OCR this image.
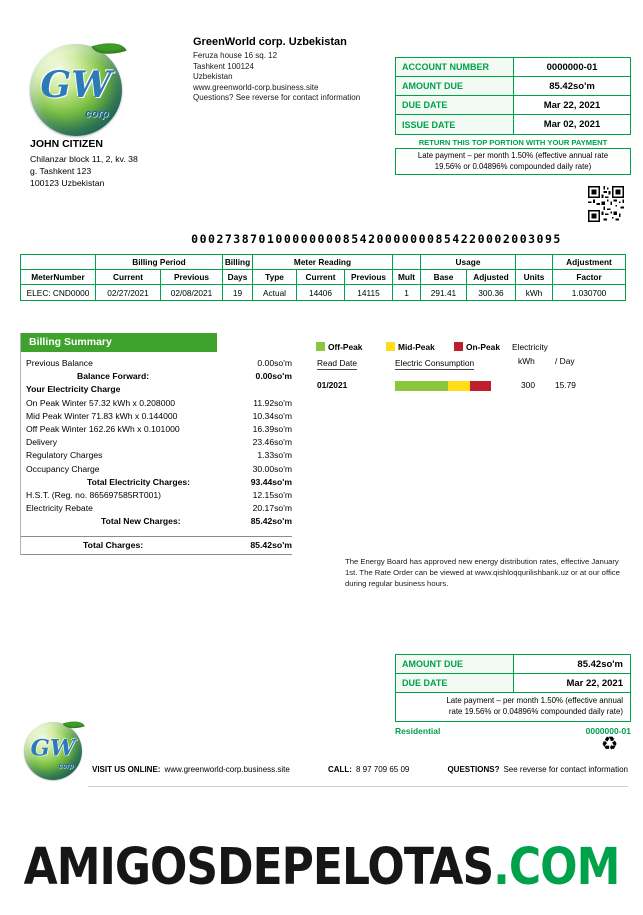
GW
corp
GreenWorld corp. Uzbekistan
Feruza house 16 sq. 12
Tashkent 100124
Uzbekistan
www.greenworld-corp.business.site
Questions? See reverse for contact information
JOHN CITIZEN
Chilanzar block 11, 2, kv. 38
g. Tashkent 123
100123 Uzbekistan
ACCOUNT NUMBER	0000000-01
AMOUNT DUE	85.42so'm
DUE DATE	Mar 22, 2021
ISSUE DATE	Mar 02, 2021
RETURN THIS TOP PORTION WITH YOUR PAYMENT
Late payment – per month 1.50% (effective annual rate
19.56% or 0.04896% compounded daily rate)
00027387010000000085420000000854220002003095
	Billing Period		Billing	Meter Reading				Usage			Adjustment
MeterNumber	Current	Previous	Days	Type	Current	Previous	Mult	Base	Adjusted	Units	Factor
ELEC: CND0000	02/27/2021	02/08/2021	19	Actual	14406	14115	1	291.41	300.36	kWh	1.030700
Billing Summary
Previous Balance	0.00so'm
Balance Forward:	0.00so'm
Your Electricity Charge
On Peak Winter 57.32 kWh x 0.208000	11.92so'm
Mid Peak Winter 71.83 kWh x 0.144000	10.34so'm
Off Peak Winter 162.26 kWh x 0.101000	16.39so'm
Delivery	23.46so'm
Regulatory Charges	1.33so'm
Occupancy Charge	30.00so'm
Total Electricity Charges:	93.44so'm
H.S.T. (Reg. no. 865697585RT001)	12.15so'm
Electricity Rebate	20.17so'm
Total New Charges:	85.42so'm
Total Charges:	85.42so'm
Off-Peak	Mid-Peak	On-Peak Electricity
kWh / Day
Read Date	Electric Consumption
01/2021	300 15.79
The Energy Board has approved new energy distribution rates, effective January 1st. The Rate Order can be viewed at www.qishloqqurilishbank.uz or at our office during regular business hours.
AMOUNT DUE	85.42so'm
DUE DATE	Mar 22, 2021
Late payment – per month 1.50% (effective annual
rate 19.56% or 0.04896% compounded daily rate)
Residential	0000000-01
♻
GW
corp VISIT US ONLINE: www.greenworld-corp.business.site	CALL: 8 97 709 65 09	QUESTIONS? See reverse for contact information
AMIGOSDEPELOTAS.COM
